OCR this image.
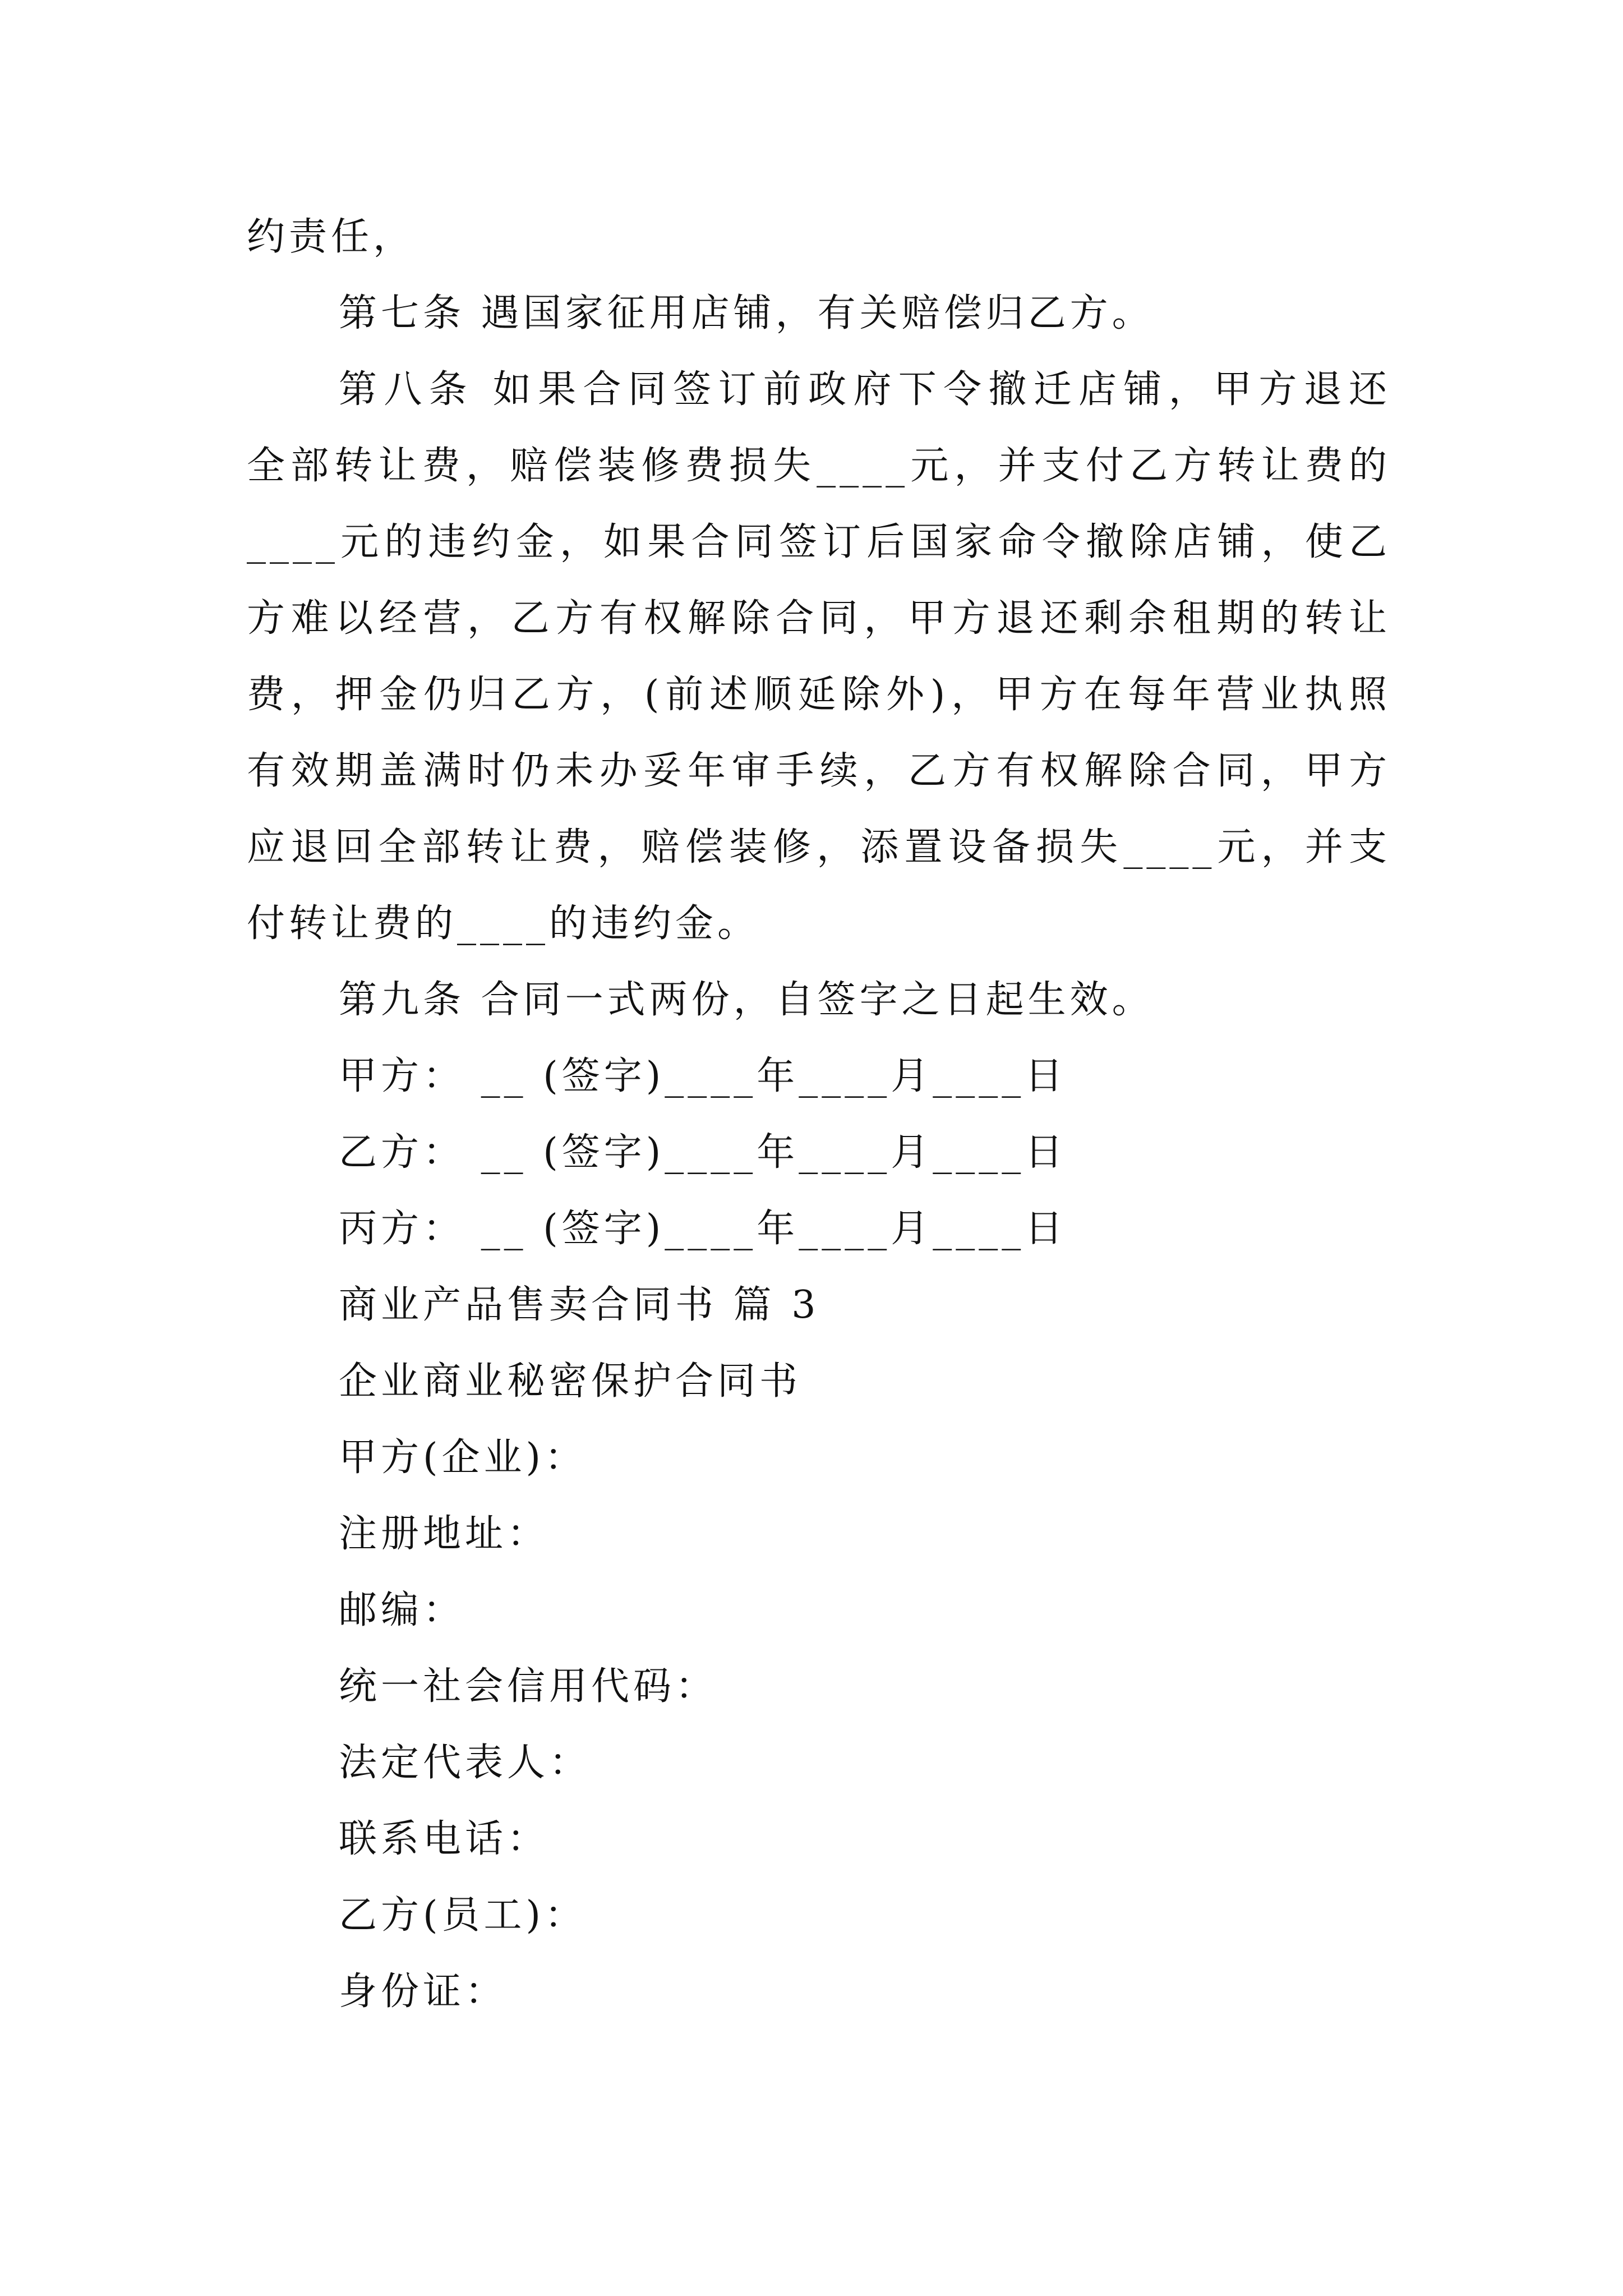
约责任，
第七条 遇国家征用店铺，有关赔偿归乙方。
第八条 如果合同签订前政府下令撤迁店铺，甲方退还
全部转让费，赔偿装修费损失____元，并支付乙方转让费的
____元的违约金，如果合同签订后国家命令撤除店铺，使乙
方难以经营，乙方有权解除合同，甲方退还剩余租期的转让
费，押金仍归乙方，(前述顺延除外)，甲方在每年营业执照
有效期盖满时仍未办妥年审手续，乙方有权解除合同，甲方
应退回全部转让费，赔偿装修，添置设备损失____元，并支
付转让费的____的违约金。
第九条 合同一式两份，自签字之日起生效。
甲方： __ (签字)____年____月____日
乙方： __ (签字)____年____月____日
丙方： __ (签字)____年____月____日
商业产品售卖合同书 篇 3
企业商业秘密保护合同书
甲方(企业)：
注册地址：
邮编：
统一社会信用代码：
法定代表人：
联系电话：
乙方(员工)：
身份证：
